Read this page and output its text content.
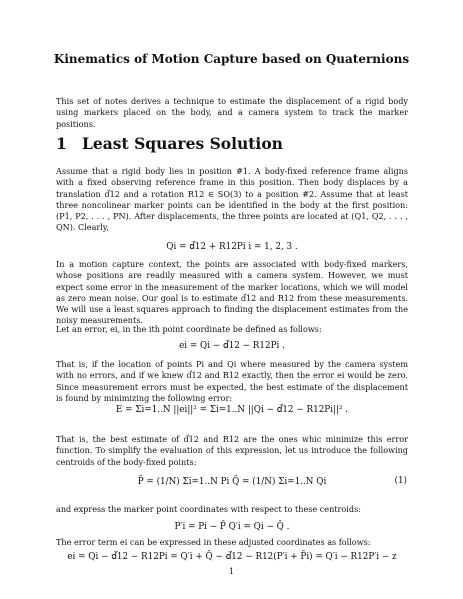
Kinematics of Motion Capture based on Quaternions
This set of notes derives a technique to estimate the displacement of a rigid body using markers placed on the body, and a camera system to track the marker positions.
1 Least Squares Solution
Assume that a rigid body lies in position #1. A body-fixed reference frame aligns with a fixed observing reference frame in this position. Then body displaces by a translation d⃗12 and a rotation R12 ∈ SO(3) to a position #2. Assume that at least three noncolinear marker points can be identified in the body at the first position: (P1, P2, . . . , PN). After displacements, the three points are located at (Q1, Q2, . . . , QN). Clearly,
Qi = d⃗12 + R12Pi i = 1, 2, 3 .
In a motion capture context, the points are associated with body-fixed markers, whose positions are readily measured with a camera system. However, we must expect some error in the measurement of the marker locations, which we will model as zero mean noise. Our goal is to estimate d⃗12 and R12 from these measurements. We will use a least squares approach to finding the displacement estimates from the noisy measurements.
Let an error, ei, in the ith point coordinate be defined as follows:
ei = Qi − d⃗12 − R12Pi .
That is, if the location of points Pi and Qi where measured by the camera system with no errors, and if we knew d⃗12 and R12 exactly, then the error ei would be zero. Since measurement errors must be expected, the best estimate of the displacement is found by minimizing the following error:
E = Σi=1..N ||ei||² = Σi=1..N ||Qi − d⃗12 − R12Pi||² .
That is, the best estimate of d⃗12 and R12 are the ones whic minimize this error function. To simplify the evaluation of this expression, let us introduce the following centroids of the body-fixed points:
P̄ = (1/N) Σi=1..N Pi Q̄ = (1/N) Σi=1..N Qi	(1)
and express the marker point coordinates with respect to these centroids:
P′i = Pi − P̄ Q′i = Qi − Q̄ .
The error term ei can be expressed in these adjusted coordinates as follows:
ei = Qi − d⃗12 − R12Pi = Q′i + Q̄ − d⃗12 − R12(P′i + P̄i) = Q′i − R12P′i − z
1
